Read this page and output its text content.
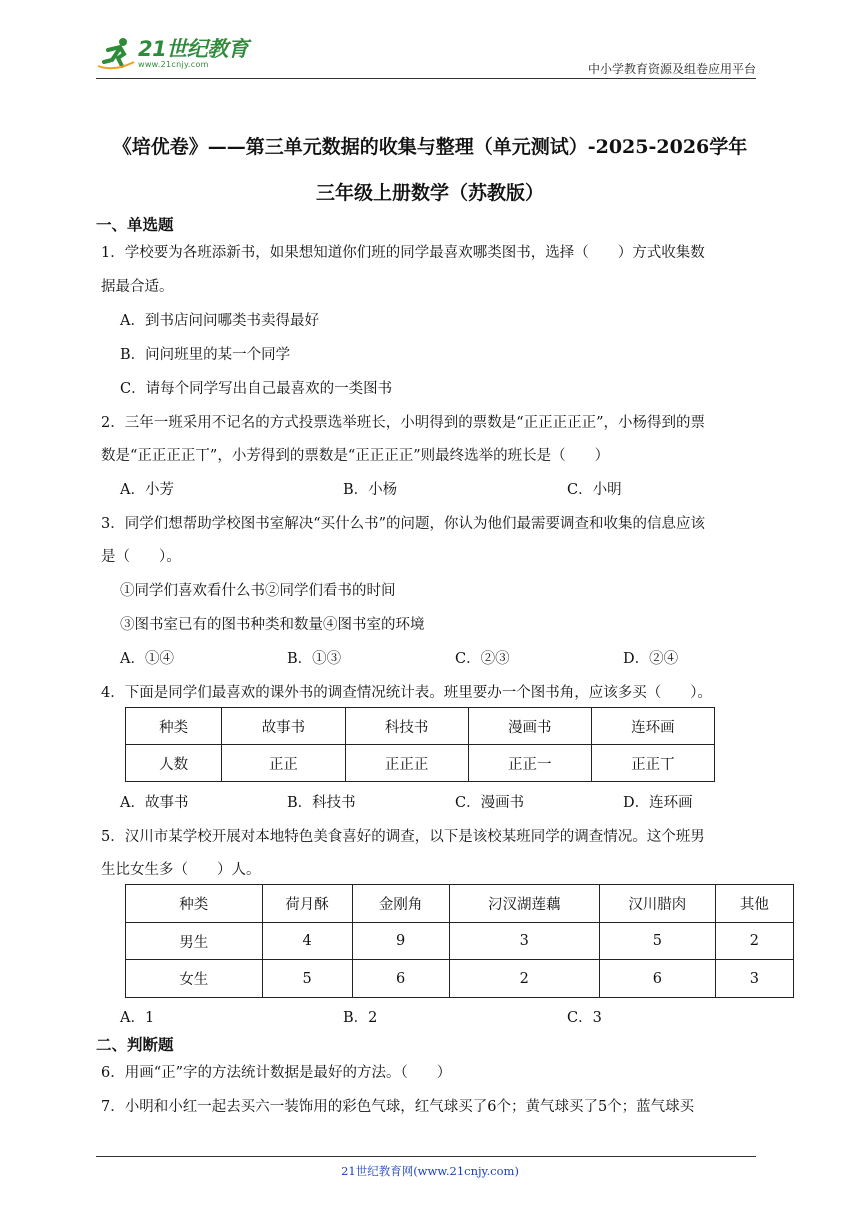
21世纪教育
www.21cnjy.com	中小学教育资源及组卷应用平台
《培优卷》——第三单元数据的收集与整理（单元测试）-2025-2026学年
三年级上册数学（苏教版）
一、单选题
1．学校要为各班添新书，如果想知道你们班的同学最喜欢哪类图书，选择（　　）方式收集数
据最合适。
A．到书店问问哪类书卖得最好
B．问问班里的某一个同学
C．请每个同学写出自己最喜欢的一类图书
2．三年一班采用不记名的方式投票选举班长，小明得到的票数是“正正正正正”，小杨得到的票
数是“正正正正丅”，小芳得到的票数是“正正正正”则最终选举的班长是（　　）
A．小芳	B．小杨	C．小明
3．同学们想帮助学校图书室解决“买什么书”的问题，你认为他们最需要调查和收集的信息应该
是（　　）。
①同学们喜欢看什么书②同学们看书的时间
③图书室已有的图书种类和数量④图书室的环境
A．①④	B．①③	C．②③	D．②④
4．下面是同学们最喜欢的课外书的调查情况统计表。班里要办一个图书角，应该多买（　　）。
种类	故事书	科技书	漫画书	连环画
人数	正正	正正正	正正一	正正丅
A．故事书	B．科技书	C．漫画书	D．连环画
5．汉川市某学校开展对本地特色美食喜好的调查，以下是该校某班同学的调查情况。这个班男
生比女生多（　　）人。
种类	荷月酥	金刚角	汈汊湖莲藕	汉川腊肉	其他
男生	4	9	3	5	2
女生	5	6	2	6	3
A．1	B．2	C．3
二、判断题
6．用画“正”字的方法统计数据是最好的方法。（　　）
7．小明和小红一起去买六一装饰用的彩色气球，红气球买了6个；黄气球买了5个；蓝气球买
21世纪教育网(www.21cnjy.com)
